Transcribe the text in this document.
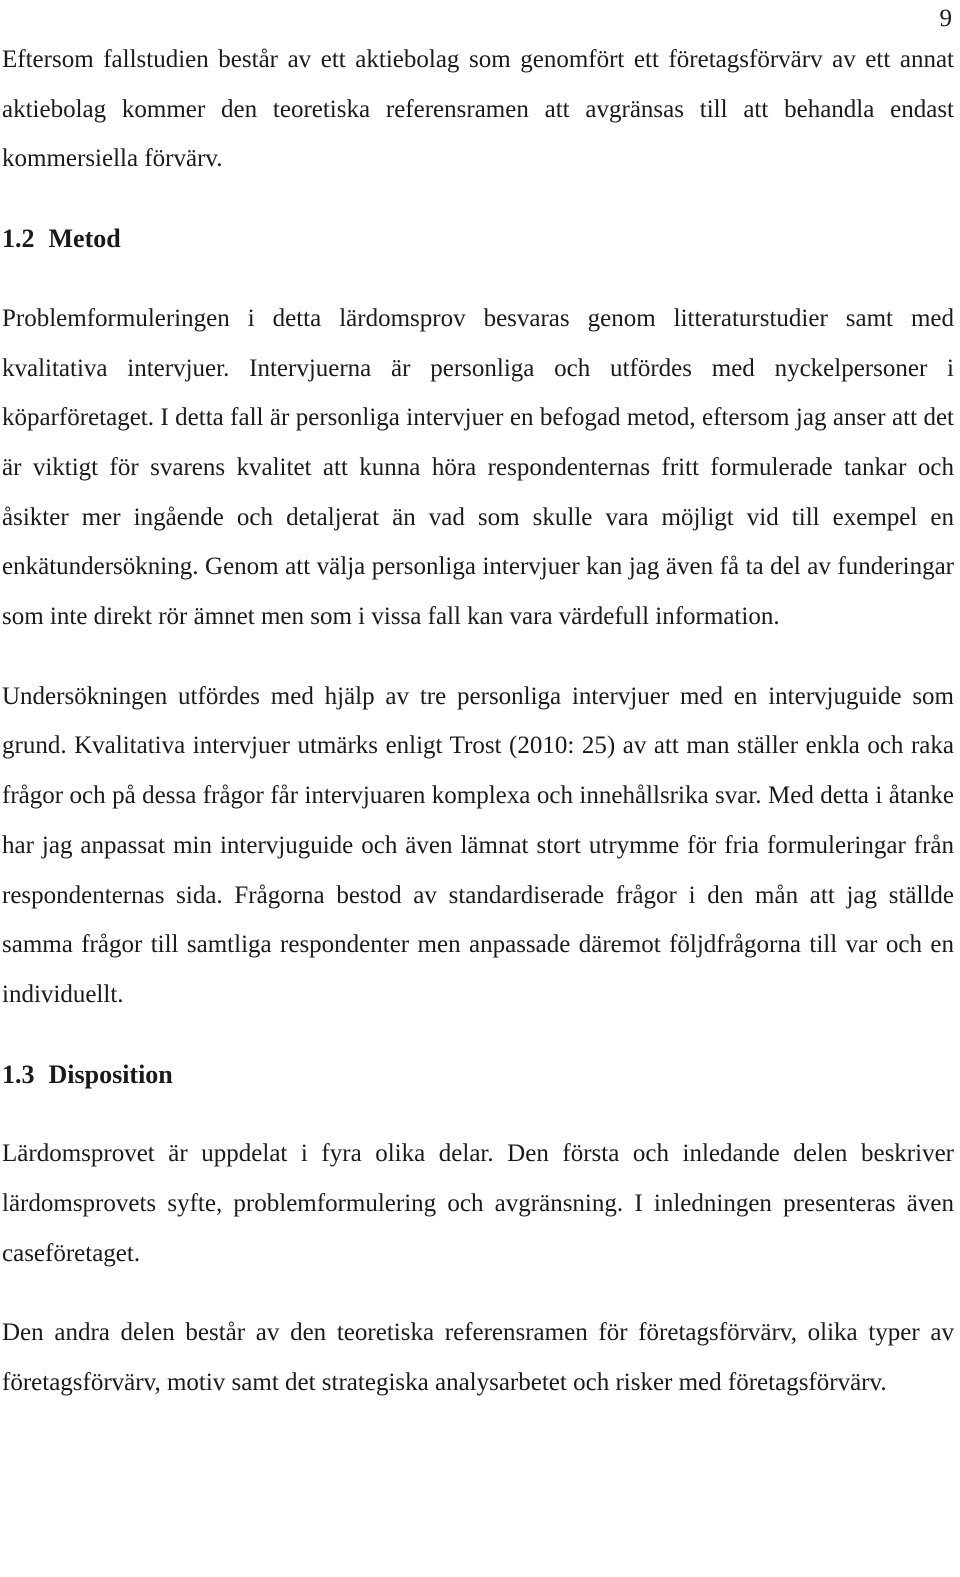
9

Eftersom fallstudien består av ett aktiebolag som genomfört ett företagsförvärv av ett annat aktiebolag kommer den teoretiska referensramen att avgränsas till att behandla endast kommersiella förvärv.

1.2 Metod

Problemformuleringen i detta lärdomsprov besvaras genom litteraturstudier samt med kvalitativa intervjuer. Intervjuerna är personliga och utfördes med nyckelpersoner i köparföretaget. I detta fall är personliga intervjuer en befogad metod, eftersom jag anser att det är viktigt för svarens kvalitet att kunna höra respondenternas fritt formulerade tankar och åsikter mer ingående och detaljerat än vad som skulle vara möjligt vid till exempel en enkätundersökning. Genom att välja personliga intervjuer kan jag även få ta del av funderingar som inte direkt rör ämnet men som i vissa fall kan vara värdefull information.

Undersökningen utfördes med hjälp av tre personliga intervjuer med en intervjuguide som grund. Kvalitativa intervjuer utmärks enligt Trost (2010: 25) av att man ställer enkla och raka frågor och på dessa frågor får intervjuaren komplexa och innehållsrika svar. Med detta i åtanke har jag anpassat min intervjuguide och även lämnat stort utrymme för fria formuleringar från respondenternas sida. Frågorna bestod av standardiserade frågor i den mån att jag ställde samma frågor till samtliga respondenter men anpassade däremot följdfrågorna till var och en individuellt.

1.3 Disposition

Lärdomsprovet är uppdelat i fyra olika delar. Den första och inledande delen beskriver lärdomsprovets syfte, problemformulering och avgränsning. I inledningen presenteras även caseföretaget.

Den andra delen består av den teoretiska referensramen för företagsförvärv, olika typer av företagsförvärv, motiv samt det strategiska analysarbetet och risker med företagsförvärv.
